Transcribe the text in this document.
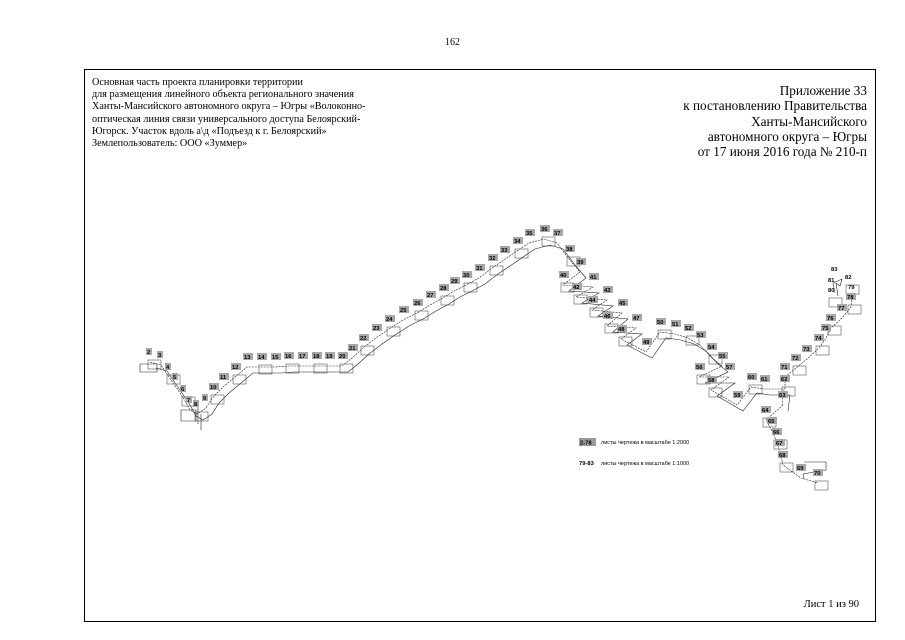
162
Основная часть проекта планировки территории
для размещения линейного объекта регионального значения
Ханты-Мансийского автономного округа – Югры «Волоконно-
оптическая линия связи универсального доступа Белоярский-
Югорск. Участок вдоль а\д «Подъезд к г. Белоярский»
Землепользователь: ООО «Зуммер»
Приложение 33
к постановлению Правительства
Ханты-Мансийского
автономного округа – Югры
от 17 июня 2016 года № 210-п
2 3
4
5
6
7
8
9
10
11
12
13 14 15 16 17 18 19 20
21
22
23
24
25
26
27
28
29
30
31
32
33
34
35
36
37
38
39
40	41
42	43
44	45
46	47
48
49
50 51
52
53
54
55
56	57
58
59
60 61 62
63
64
65
66
67
68
69
70
71
72
73
74
75
76
77
78
79
80
81 82
83
2-78 листы чертежа в масштабе 1:2000
79-83 листы чертежа в масштабе 1:1000
Лист 1 из 90
